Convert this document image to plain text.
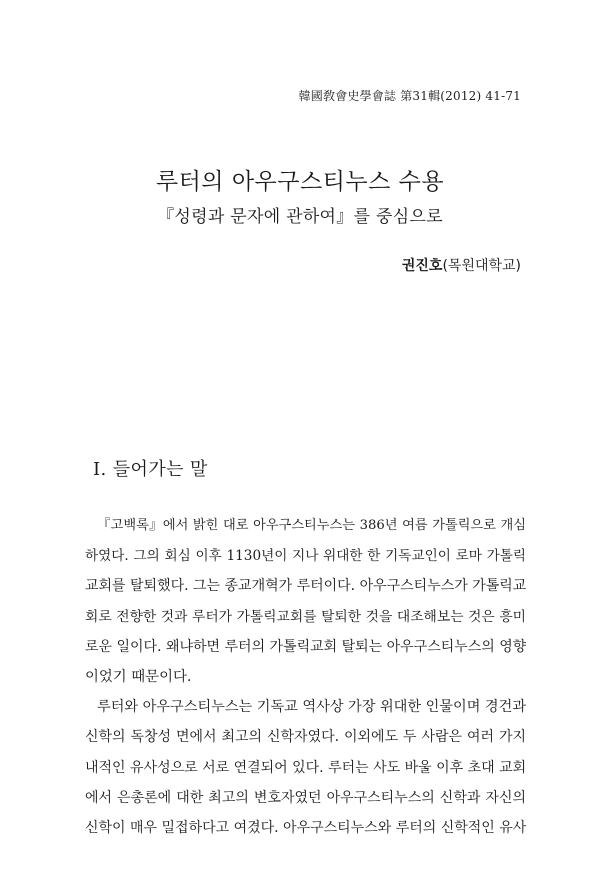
韓國敎會史學會誌 第31輯(2012) 41-71
루터의 아우구스티누스 수용
『성령과 문자에 관하여』를 중심으로
권진호(목원대학교)
I. 들어가는 말
『고백록』에서 밝힌 대로 아우구스티누스는 386년 여름 가톨릭으로 개심
하였다. 그의 회심 이후 1130년이 지나 위대한 한 기독교인이 로마 가톨릭
교회를 탈퇴했다. 그는 종교개혁가 루터이다. 아우구스티누스가 가톨릭교
회로 전향한 것과 루터가 가톨릭교회를 탈퇴한 것을 대조해보는 것은 흥미
로운 일이다. 왜냐하면 루터의 가톨릭교회 탈퇴는 아우구스티누스의 영향
이었기 때문이다.
루터와 아우구스티누스는 기독교 역사상 가장 위대한 인물이며 경건과
신학의 독창성 면에서 최고의 신학자였다. 이외에도 두 사람은 여러 가지
내적인 유사성으로 서로 연결되어 있다. 루터는 사도 바울 이후 초대 교회
에서 은총론에 대한 최고의 변호자였던 아우구스티누스의 신학과 자신의
신학이 매우 밀접하다고 여겼다. 아우구스티누스와 루터의 신학적인 유사
